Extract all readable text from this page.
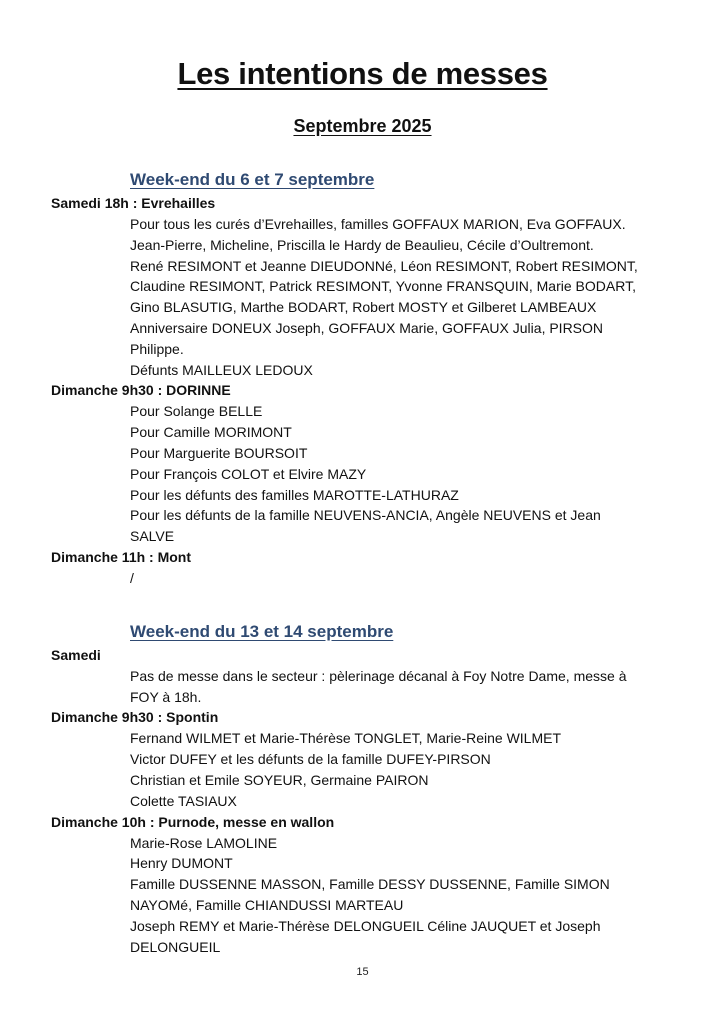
Les intentions de messes
Septembre 2025
Week-end du 6 et 7 septembre
Samedi 18h : Evrehailles
Pour tous les curés d’Evrehailles, familles GOFFAUX MARION, Eva GOFFAUX.
Jean-Pierre, Micheline, Priscilla le Hardy de Beaulieu, Cécile d’Oultremont.
René RESIMONT et Jeanne DIEUDONNé, Léon RESIMONT, Robert RESIMONT,
Claudine RESIMONT, Patrick RESIMONT, Yvonne FRANSQUIN, Marie BODART,
Gino BLASUTIG, Marthe BODART, Robert MOSTY et Gilberet LAMBEAUX
Anniversaire DONEUX Joseph, GOFFAUX Marie, GOFFAUX Julia, PIRSON
Philippe.
Défunts MAILLEUX LEDOUX
Dimanche 9h30 : DORINNE
Pour Solange BELLE
Pour Camille MORIMONT
Pour Marguerite BOURSOIT
Pour François COLOT et Elvire MAZY
Pour les défunts des familles MAROTTE-LATHURAZ
Pour les défunts de la famille NEUVENS-ANCIA, Angèle NEUVENS et Jean
SALVE
Dimanche 11h : Mont
/
Week-end du 13 et 14 septembre
Samedi
Pas de messe dans le secteur : pèlerinage décanal à Foy Notre Dame, messe à
FOY à 18h.
Dimanche 9h30 : Spontin
Fernand WILMET et Marie-Thérèse TONGLET, Marie-Reine WILMET
Victor DUFEY et les défunts de la famille DUFEY-PIRSON
Christian et Emile SOYEUR, Germaine PAIRON
Colette TASIAUX
Dimanche 10h : Purnode, messe en wallon
Marie-Rose LAMOLINE
Henry DUMONT
Famille DUSSENNE MASSON, Famille DESSY DUSSENNE, Famille SIMON
NAYOMé, Famille CHIANDUSSI MARTEAU
Joseph REMY et Marie-Thérèse DELONGUEIL Céline JAUQUET et Joseph
DELONGUEIL
15
